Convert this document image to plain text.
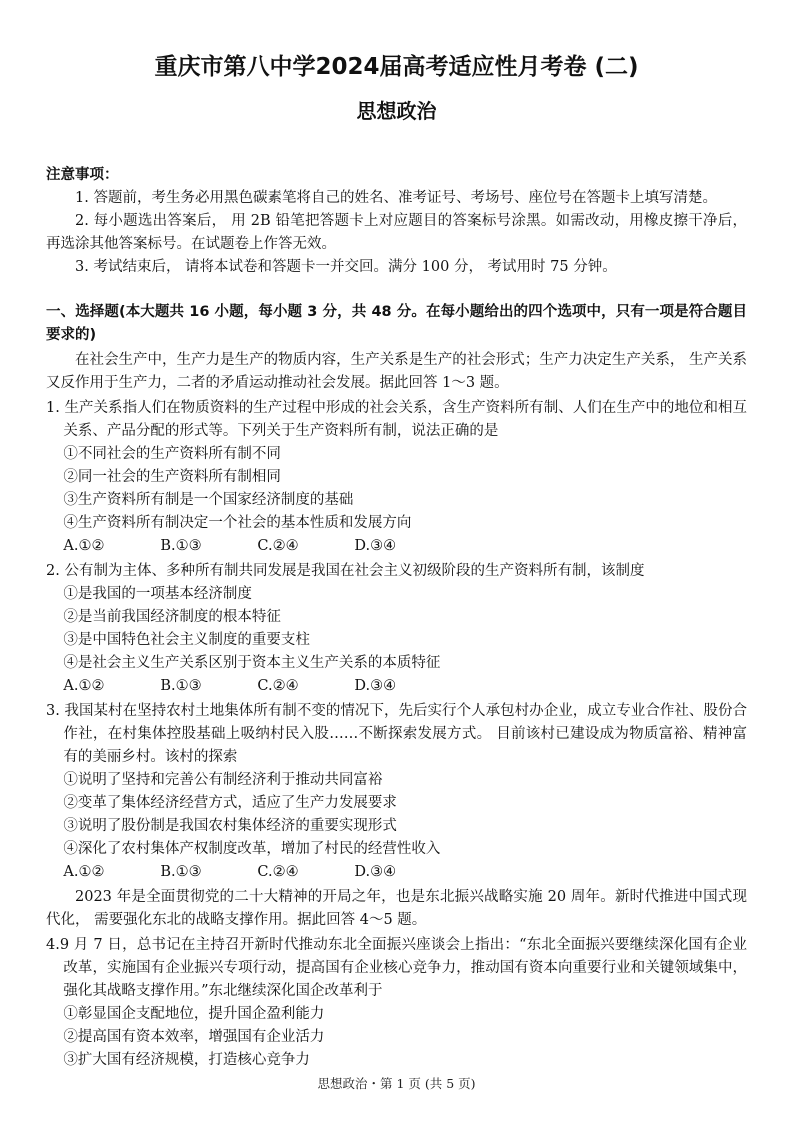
重庆市第八中学2024届高考适应性月考卷 (二)
思想政治

注意事项：

1. 答题前，考生务必用黑色碳素笔将自己的姓名、准考证号、考场号、座位号在答题卡上填写清楚。

2. 每小题选出答案后， 用 2B 铅笔把答题卡上对应题目的答案标号涂黑。如需改动，用橡皮擦干净后，再选涂其他答案标号。在试题卷上作答无效。

3. 考试结束后， 请将本试卷和答题卡一并交回。满分 100 分， 考试用时 75 分钟。

一、选择题(本大题共 16 小题，每小题 3 分，共 48 分。在每小题给出的四个选项中，只有一项是符合题目要求的)

在社会生产中，生产力是生产的物质内容，生产关系是生产的社会形式；生产力决定生产关系， 生产关系又反作用于生产力，二者的矛盾运动推动社会发展。据此回答 1〜3 题。

1. 生产关系指人们在物质资料的生产过程中形成的社会关系，含生产资料所有制、人们在生产中的地位和相互关系、产品分配的形式等。下列关于生产资料所有制，说法正确的是

①不同社会的生产资料所有制不同

②同一社会的生产资料所有制相同

③生产资料所有制是一个国家经济制度的基础

④生产资料所有制决定一个社会的基本性质和发展方向

A.①②	B.①③	C.②④	D.③④

2. 公有制为主体、多种所有制共同发展是我国在社会主义初级阶段的生产资料所有制，该制度

①是我国的一项基本经济制度

②是当前我国经济制度的根本特征

③是中国特色社会主义制度的重要支柱

④是社会主义生产关系区别于资本主义生产关系的本质特征

A.①②	B.①③	C.②④	D.③④

3. 我国某村在坚持农村土地集体所有制不变的情况下，先后实行个人承包村办企业，成立专业合作社、股份合作社，在村集体控股基础上吸纳村民入股……不断探索发展方式。 目前该村已建设成为物质富裕、精神富有的美丽乡村。该村的探索

①说明了坚持和完善公有制经济利于推动共同富裕

②变革了集体经济经营方式，适应了生产力发展要求

③说明了股份制是我国农村集体经济的重要实现形式

④深化了农村集体产权制度改革，增加了村民的经营性收入

A.①②	B.①③	C.②④	D.③④

2023 年是全面贯彻党的二十大精神的开局之年，也是东北振兴战略实施 20 周年。新时代推进中国式现代化， 需要强化东北的战略支撑作用。据此回答 4〜5 题。

4.9 月 7 日，总书记在主持召开新时代推动东北全面振兴座谈会上指出：“东北全面振兴要继续深化国有企业改革，实施国有企业振兴专项行动，提高国有企业核心竞争力，推动国有资本向重要行业和关键领域集中，强化其战略支撑作用。”东北继续深化国企改革利于

①彰显国企支配地位，提升国企盈利能力

②提高国有资本效率，增强国有企业活力

③扩大国有经济规模，打造核心竞争力

思想政治・第 1 页 (共 5 页)
